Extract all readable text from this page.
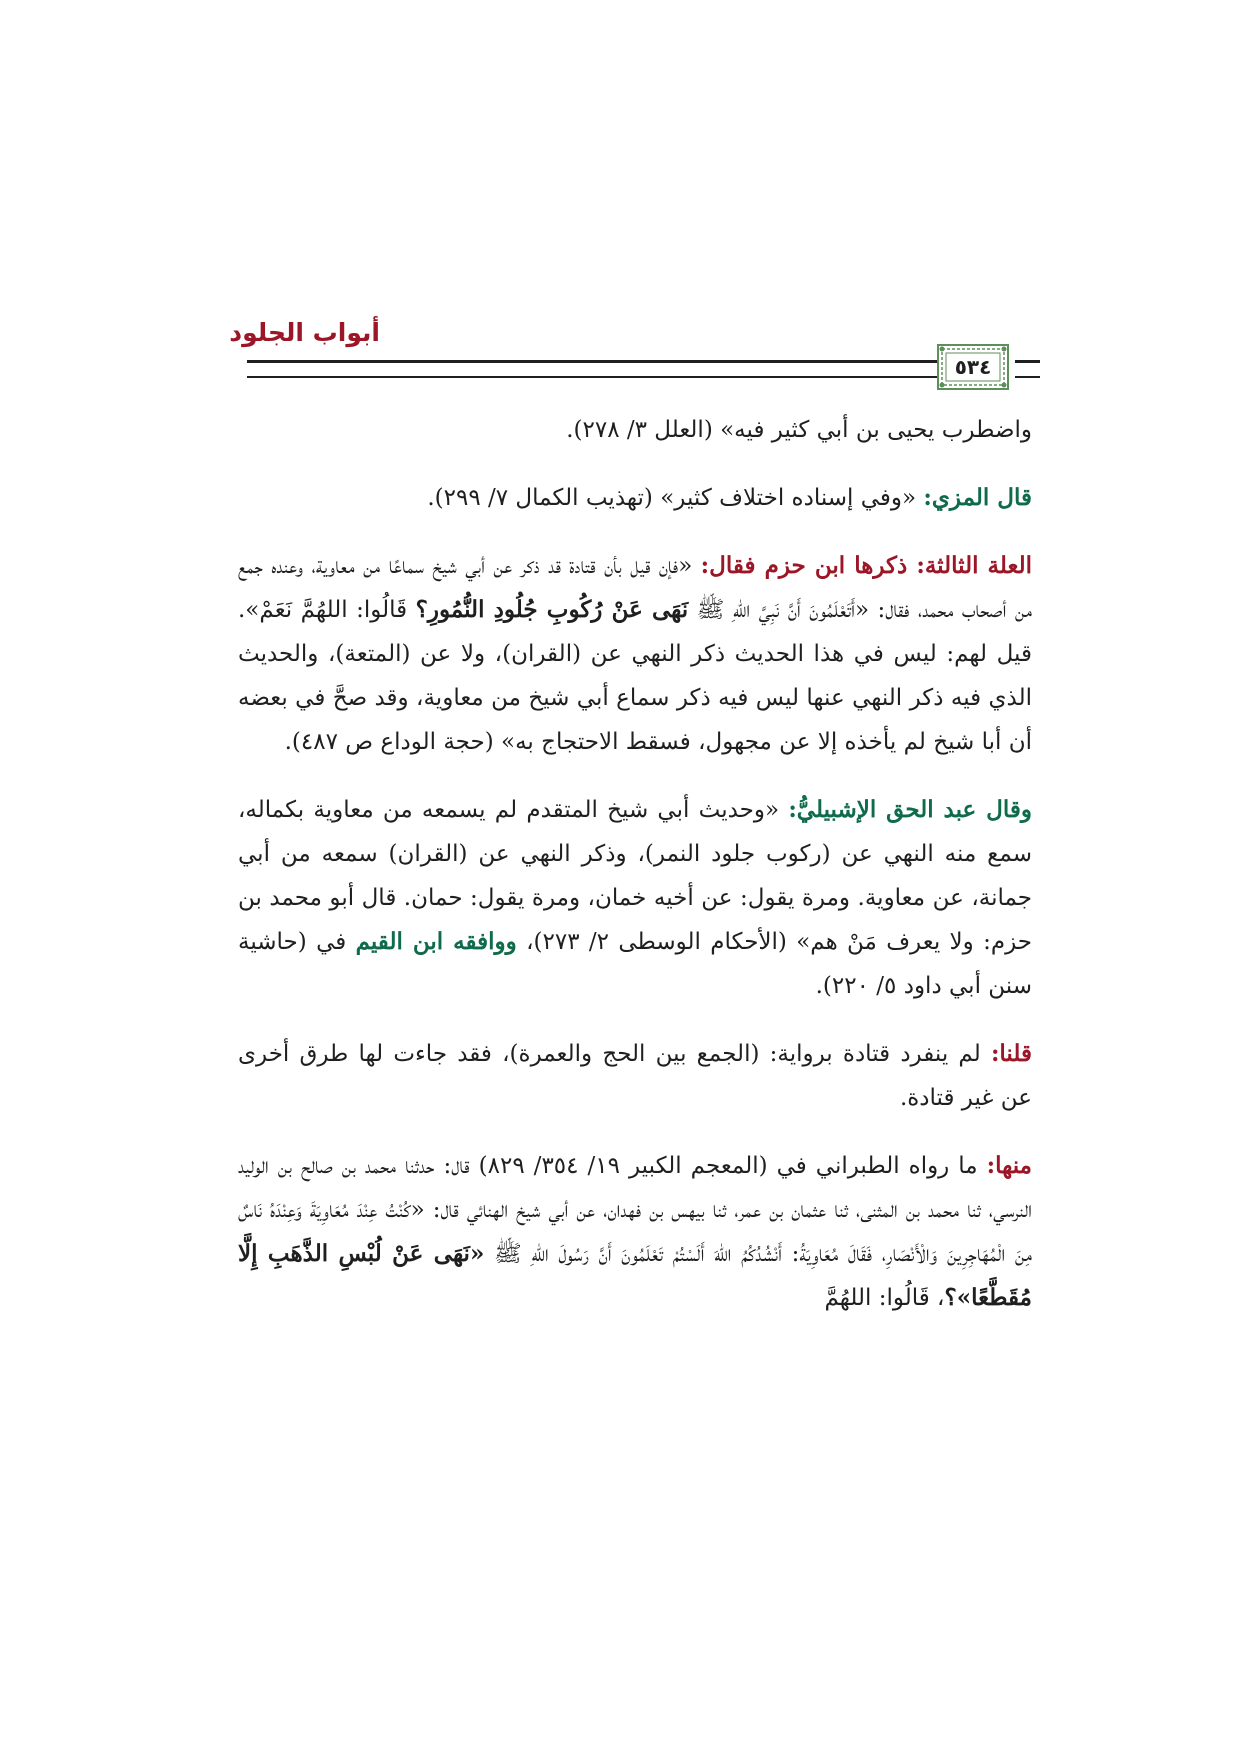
أبواب الجلود
٥٣٤

واضطرب يحيى بن أبي كثير فيه» (العلل ٣/ ٢٧٨).

قال المزي: «وفي إسناده اختلاف كثير» (تهذيب الكمال ٧/ ٢٩٩).

العلة الثالثة: ذكرها ابن حزم فقال: «فإن قيل بأن قتادة قد ذكر عن أبي شيخ سماعًا من معاوية، وعنده جمع من أصحاب محمد، فقال: «أَتَعْلَمُونَ أَنَّ نَبِيَّ اللهِ ﷺ نَهَى عَنْ رُكُوبِ جُلُودِ النُّمُورِ؟ قَالُوا: اللهُمَّ نَعَمْ». قيل لهم: ليس في هذا الحديث ذكر النهي عن (القران)، ولا عن (المتعة)، والحديث الذي فيه ذكر النهي عنها ليس فيه ذكر سماع أبي شيخ من معاوية، وقد صحَّ في بعضه أن أبا شيخ لم يأخذه إلا عن مجهول، فسقط الاحتجاج به» (حجة الوداع ص ٤٨٧).

وقال عبد الحق الإشبيليُّ: «وحديث أبي شيخ المتقدم لم يسمعه من معاوية بكماله، سمع منه النهي عن (ركوب جلود النمر)، وذكر النهي عن (القران) سمعه من أبي جمانة، عن معاوية. ومرة يقول: عن أخيه خمان، ومرة يقول: حمان. قال أبو محمد بن حزم: ولا يعرف مَنْ هم» (الأحكام الوسطى ٢/ ٢٧٣)، ووافقه ابن القيم في (حاشية سنن أبي داود ٥/ ٢٢٠).

قلنا: لم ينفرد قتادة برواية: (الجمع بين الحج والعمرة)، فقد جاءت لها طرق أخرى عن غير قتادة.

منها: ما رواه الطبراني في (المعجم الكبير ١٩/ ٣٥٤/ ٨٢٩) قال: حدثنا محمد بن صالح بن الوليد النرسي، ثنا محمد بن المثنى، ثنا عثمان بن عمر، ثنا بيهس بن فهدان، عن أبي شيخ الهنائي قال: «كُنْتُ عِنْدَ مُعَاوِيَةَ وَعِنْدَهُ نَاسٌ مِنَ الْمُهَاجِرِينَ وَالْأَنْصَارِ، فَقَالَ مُعَاوِيَةُ: أَنْشُدُكُمُ اللهَ أَلَسْتُمْ تَعْلَمُونَ أَنَّ رَسُولَ اللهِ ﷺ «نَهَى عَنْ لُبْسِ الذَّهَبِ إِلَّا مُقَطَّعًا»؟، قَالُوا: اللهُمَّ
